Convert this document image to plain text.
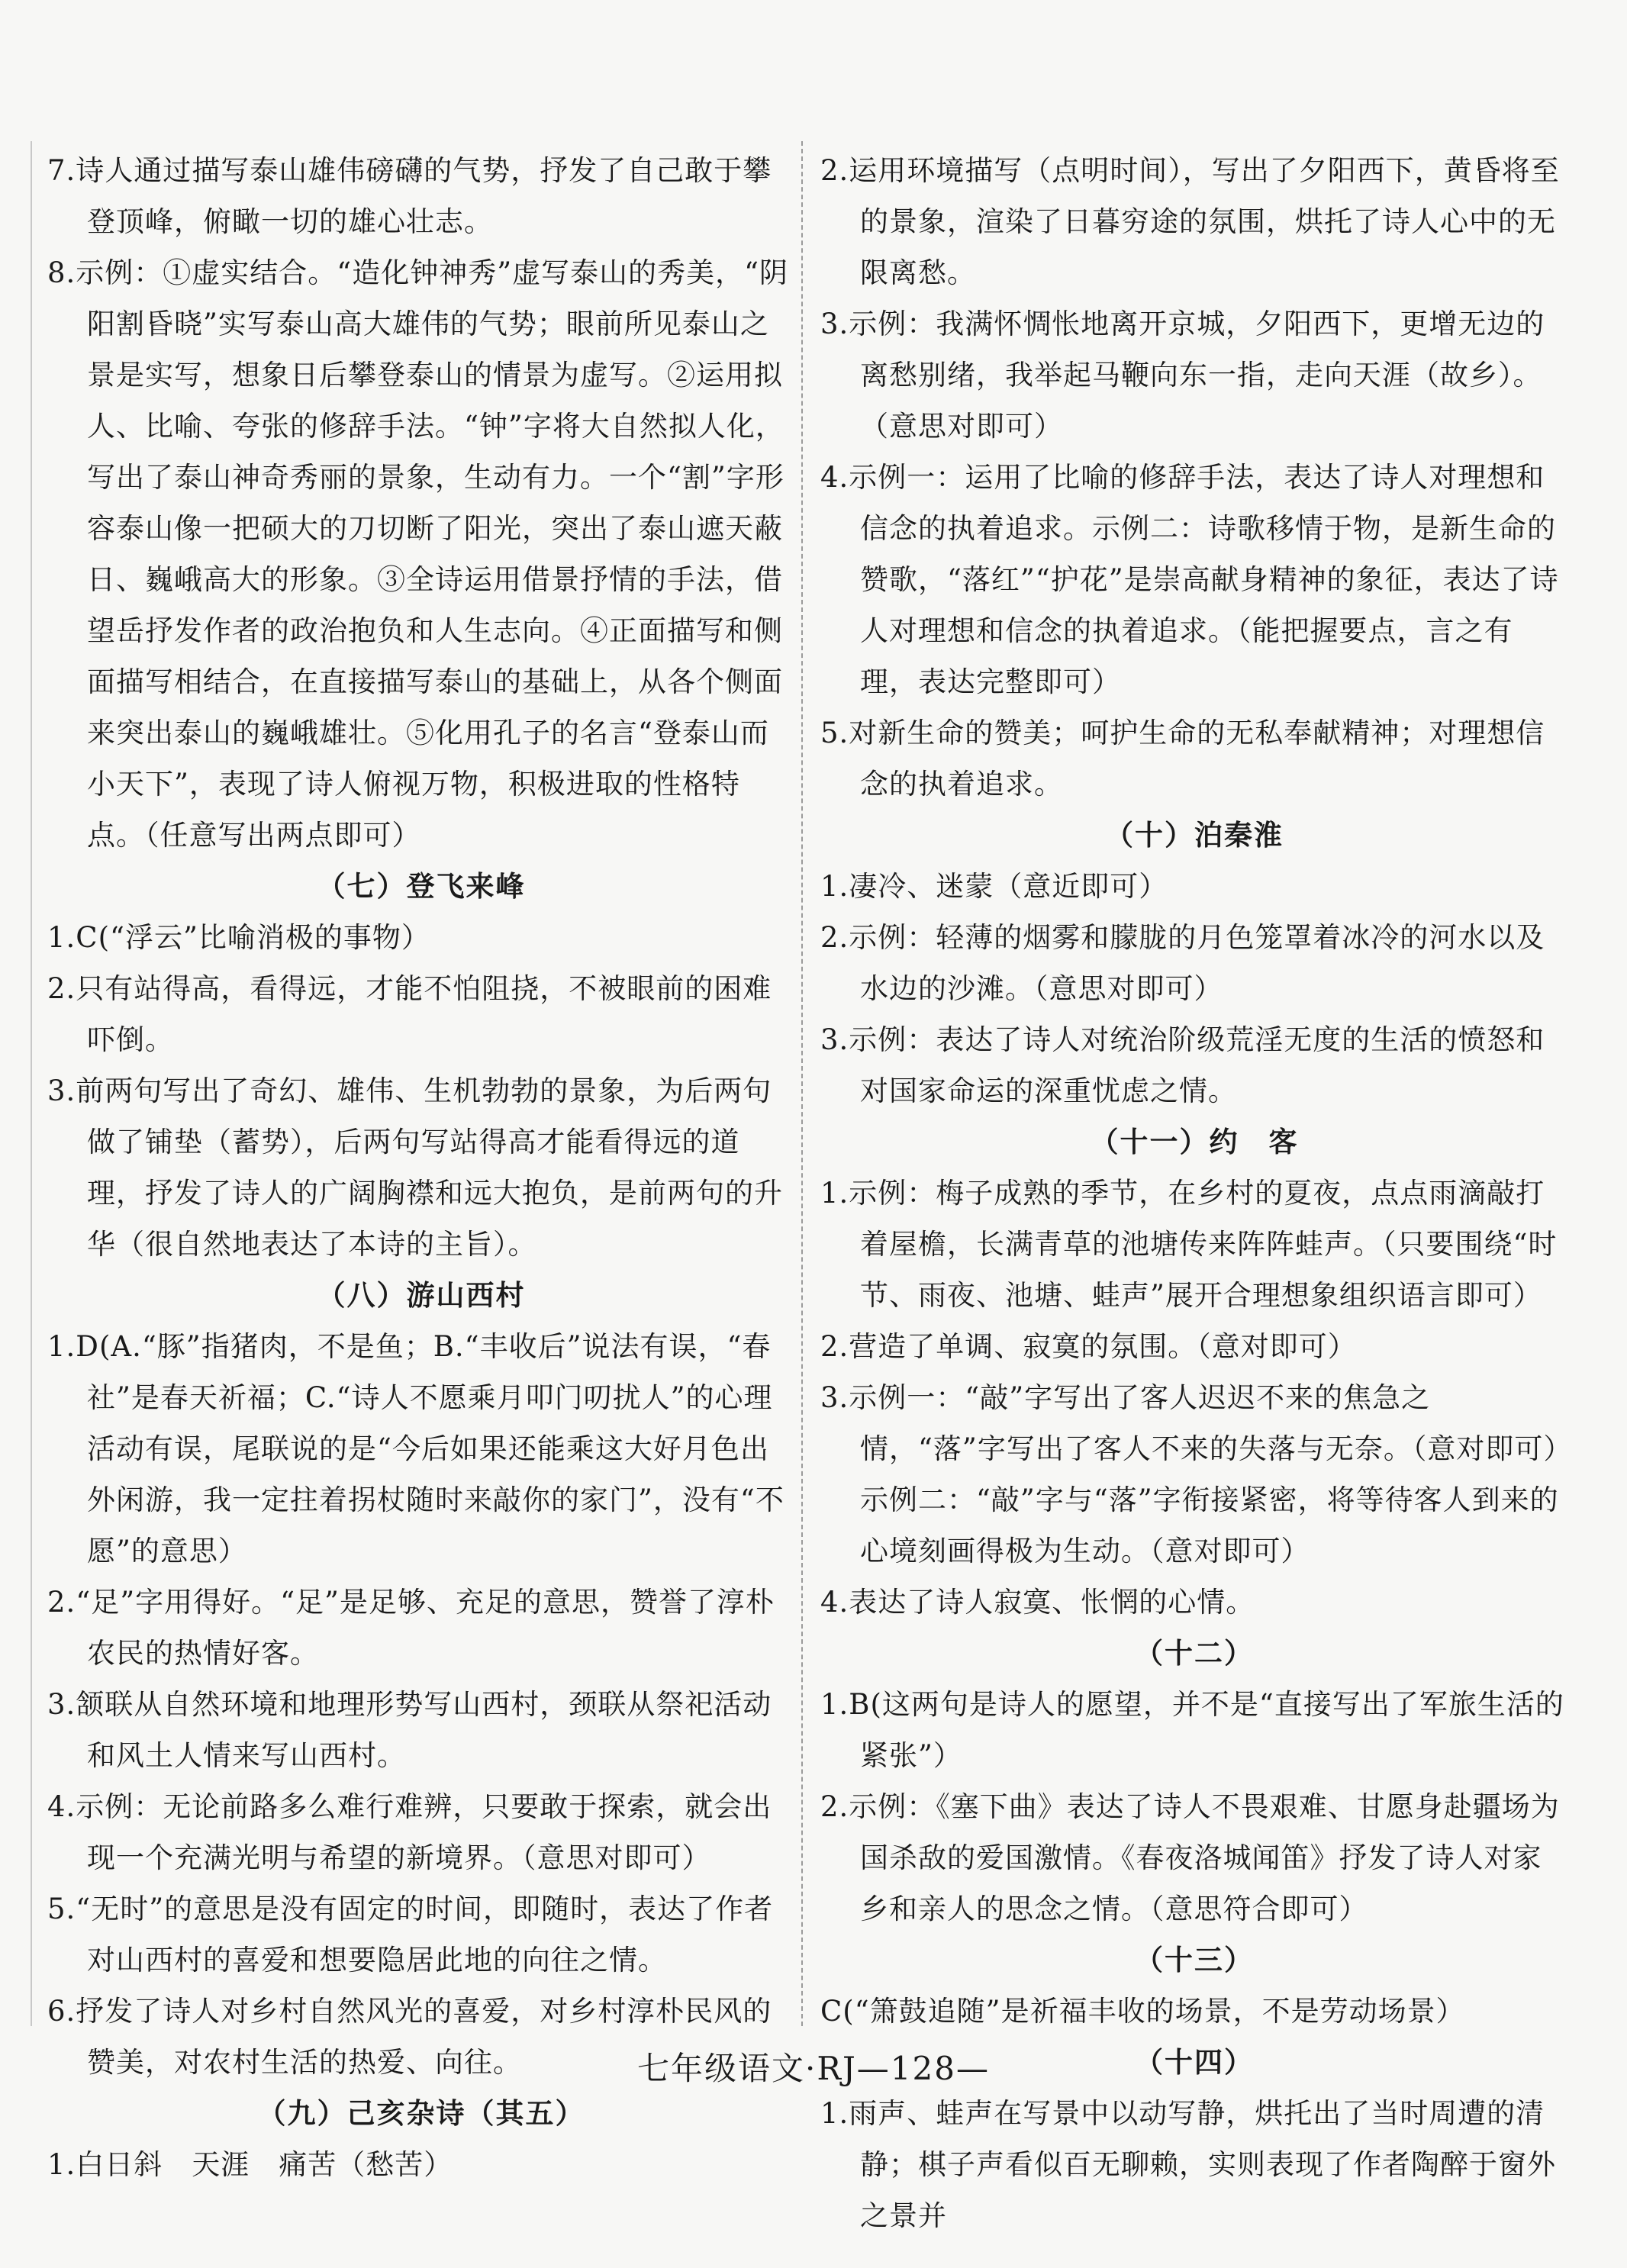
7.诗人通过描写泰山雄伟磅礴的气势，抒发了自己敢于攀登顶峰，俯瞰一切的雄心壮志。
8.示例：①虚实结合。“造化钟神秀”虚写泰山的秀美，“阴阳割昏晓”实写泰山高大雄伟的气势；眼前所见泰山之景是实写，想象日后攀登泰山的情景为虚写。②运用拟人、比喻、夸张的修辞手法。“钟”字将大自然拟人化，写出了泰山神奇秀丽的景象，生动有力。一个“割”字形容泰山像一把硕大的刀切断了阳光，突出了泰山遮天蔽日、巍峨高大的形象。③全诗运用借景抒情的手法，借望岳抒发作者的政治抱负和人生志向。④正面描写和侧面描写相结合，在直接描写泰山的基础上，从各个侧面来突出泰山的巍峨雄壮。⑤化用孔子的名言“登泰山而小天下”，表现了诗人俯视万物，积极进取的性格特点。（任意写出两点即可）
（七）登飞来峰
1.C(“浮云”比喻消极的事物）
2.只有站得高，看得远，才能不怕阻挠，不被眼前的困难吓倒。
3.前两句写出了奇幻、雄伟、生机勃勃的景象，为后两句做了铺垫（蓄势），后两句写站得高才能看得远的道理，抒发了诗人的广阔胸襟和远大抱负，是前两句的升华（很自然地表达了本诗的主旨）。
（八）游山西村
1.D(A.“豚”指猪肉，不是鱼；B.“丰收后”说法有误，“春社”是春天祈福；C.“诗人不愿乘月叩门叨扰人”的心理活动有误，尾联说的是“今后如果还能乘这大好月色出外闲游，我一定拄着拐杖随时来敲你的家门”，没有“不愿”的意思）
2.“足”字用得好。“足”是足够、充足的意思，赞誉了淳朴农民的热情好客。
3.颔联从自然环境和地理形势写山西村，颈联从祭祀活动和风土人情来写山西村。
4.示例：无论前路多么难行难辨，只要敢于探索，就会出现一个充满光明与希望的新境界。（意思对即可）
5.“无时”的意思是没有固定的时间，即随时，表达了作者对山西村的喜爱和想要隐居此地的向往之情。
6.抒发了诗人对乡村自然风光的喜爱，对乡村淳朴民风的赞美，对农村生活的热爱、向往。
（九）己亥杂诗（其五）
1.白日斜　天涯　痛苦（愁苦）
2.运用环境描写（点明时间），写出了夕阳西下，黄昏将至的景象，渲染了日暮穷途的氛围，烘托了诗人心中的无限离愁。
3.示例：我满怀惆怅地离开京城，夕阳西下，更增无边的离愁别绪，我举起马鞭向东一指，走向天涯（故乡）。（意思对即可）
4.示例一：运用了比喻的修辞手法，表达了诗人对理想和信念的执着追求。示例二：诗歌移情于物，是新生命的赞歌，“落红”“护花”是崇高献身精神的象征，表达了诗人对理想和信念的执着追求。（能把握要点，言之有理，表达完整即可）
5.对新生命的赞美；呵护生命的无私奉献精神；对理想信念的执着追求。
（十）泊秦淮
1.凄冷、迷蒙（意近即可）
2.示例：轻薄的烟雾和朦胧的月色笼罩着冰冷的河水以及水边的沙滩。（意思对即可）
3.示例：表达了诗人对统治阶级荒淫无度的生活的愤怒和对国家命运的深重忧虑之情。
（十一）约　客
1.示例：梅子成熟的季节，在乡村的夏夜，点点雨滴敲打着屋檐，长满青草的池塘传来阵阵蛙声。（只要围绕“时节、雨夜、池塘、蛙声”展开合理想象组织语言即可）
2.营造了单调、寂寞的氛围。（意对即可）
3.示例一：“敲”字写出了客人迟迟不来的焦急之情，“落”字写出了客人不来的失落与无奈。（意对即可）示例二：“敲”字与“落”字衔接紧密，将等待客人到来的心境刻画得极为生动。（意对即可）
4.表达了诗人寂寞、怅惘的心情。
（十二）
1.B(这两句是诗人的愿望，并不是“直接写出了军旅生活的紧张”）
2.示例：《塞下曲》表达了诗人不畏艰难、甘愿身赴疆场为国杀敌的爱国激情。《春夜洛城闻笛》抒发了诗人对家乡和亲人的思念之情。（意思符合即可）
（十三）
C(“箫鼓追随”是祈福丰收的场景，不是劳动场景）
（十四）
1.雨声、蛙声在写景中以动写静，烘托出了当时周遭的清静；棋子声看似百无聊赖，实则表现了作者陶醉于窗外之景并
七年级语文·RJ—128—
